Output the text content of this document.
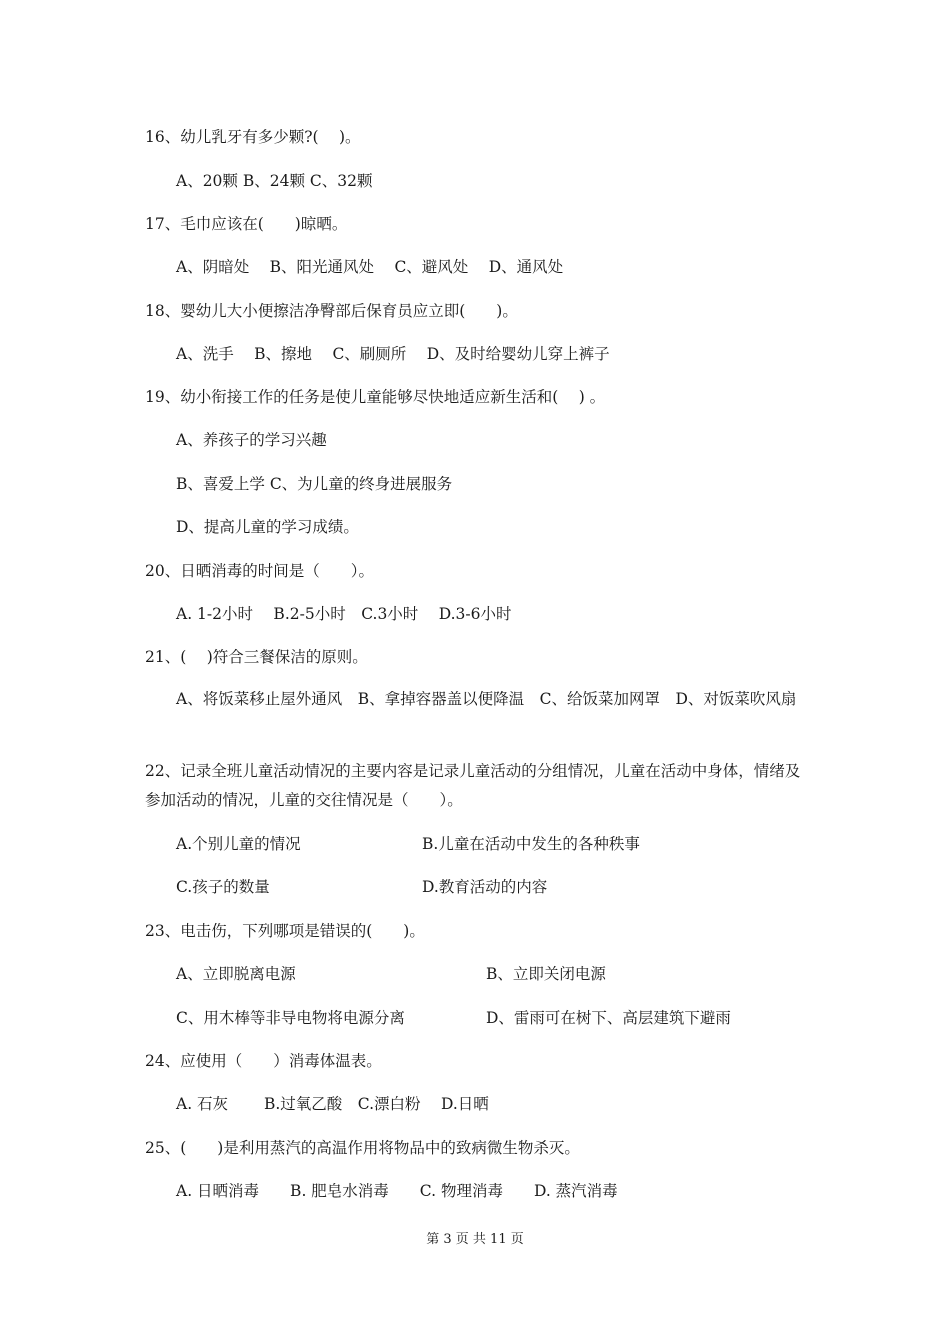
16、幼儿乳牙有多少颗?(　 )。
A、20颗 B、24颗 C、32颗
17、毛巾应该在(　　)晾晒。
A、阴暗处　 B、阳光通风处　 C、避风处　 D、通风处
18、婴幼儿大小便擦洁净臀部后保育员应立即(　　)。
A、洗手　 B、擦地　 C、刷厕所　 D、及时给婴幼儿穿上裤子
19、幼小衔接工作的任务是使儿童能够尽快地适应新生活和(　 ) 。
A、养孩子的学习兴趣
B、喜爱上学 C、为儿童的终身进展服务
D、提高儿童的学习成绩。
20、日晒消毒的时间是（　　）。
A. 1-2小时　 B.2-5小时　C.3小时　 D.3-6小时
21、(　 )符合三餐保洁的原则。
A、将饭菜移止屋外通风　B、拿掉容器盖以便降温　C、给饭菜加网罩　D、对饭菜吹风扇
22、记录全班儿童活动情况的主要内容是记录儿童活动的分组情况，儿童在活动中身体，情绪及参加活动的情况，儿童的交往情况是（　　）。
A.个别儿童的情况	B.儿童在活动中发生的各种秩事
C.孩子的数量	D.教育活动的内容
23、电击伤，下列哪项是错误的(　　)。
A、立即脱离电源	B、立即关闭电源
C、用木棒等非导电物将电源分离	D、雷雨可在树下、高层建筑下避雨
24、应使用（　　）消毒体温表。
A. 石灰　　 B.过氧乙酸　C.漂白粉　 D.日晒
25、(　　)是利用蒸汽的高温作用将物品中的致病微生物杀灭。
A. 日晒消毒　　B. 肥皂水消毒　　C. 物理消毒　　D. 蒸汽消毒
第 3 页 共 11 页
